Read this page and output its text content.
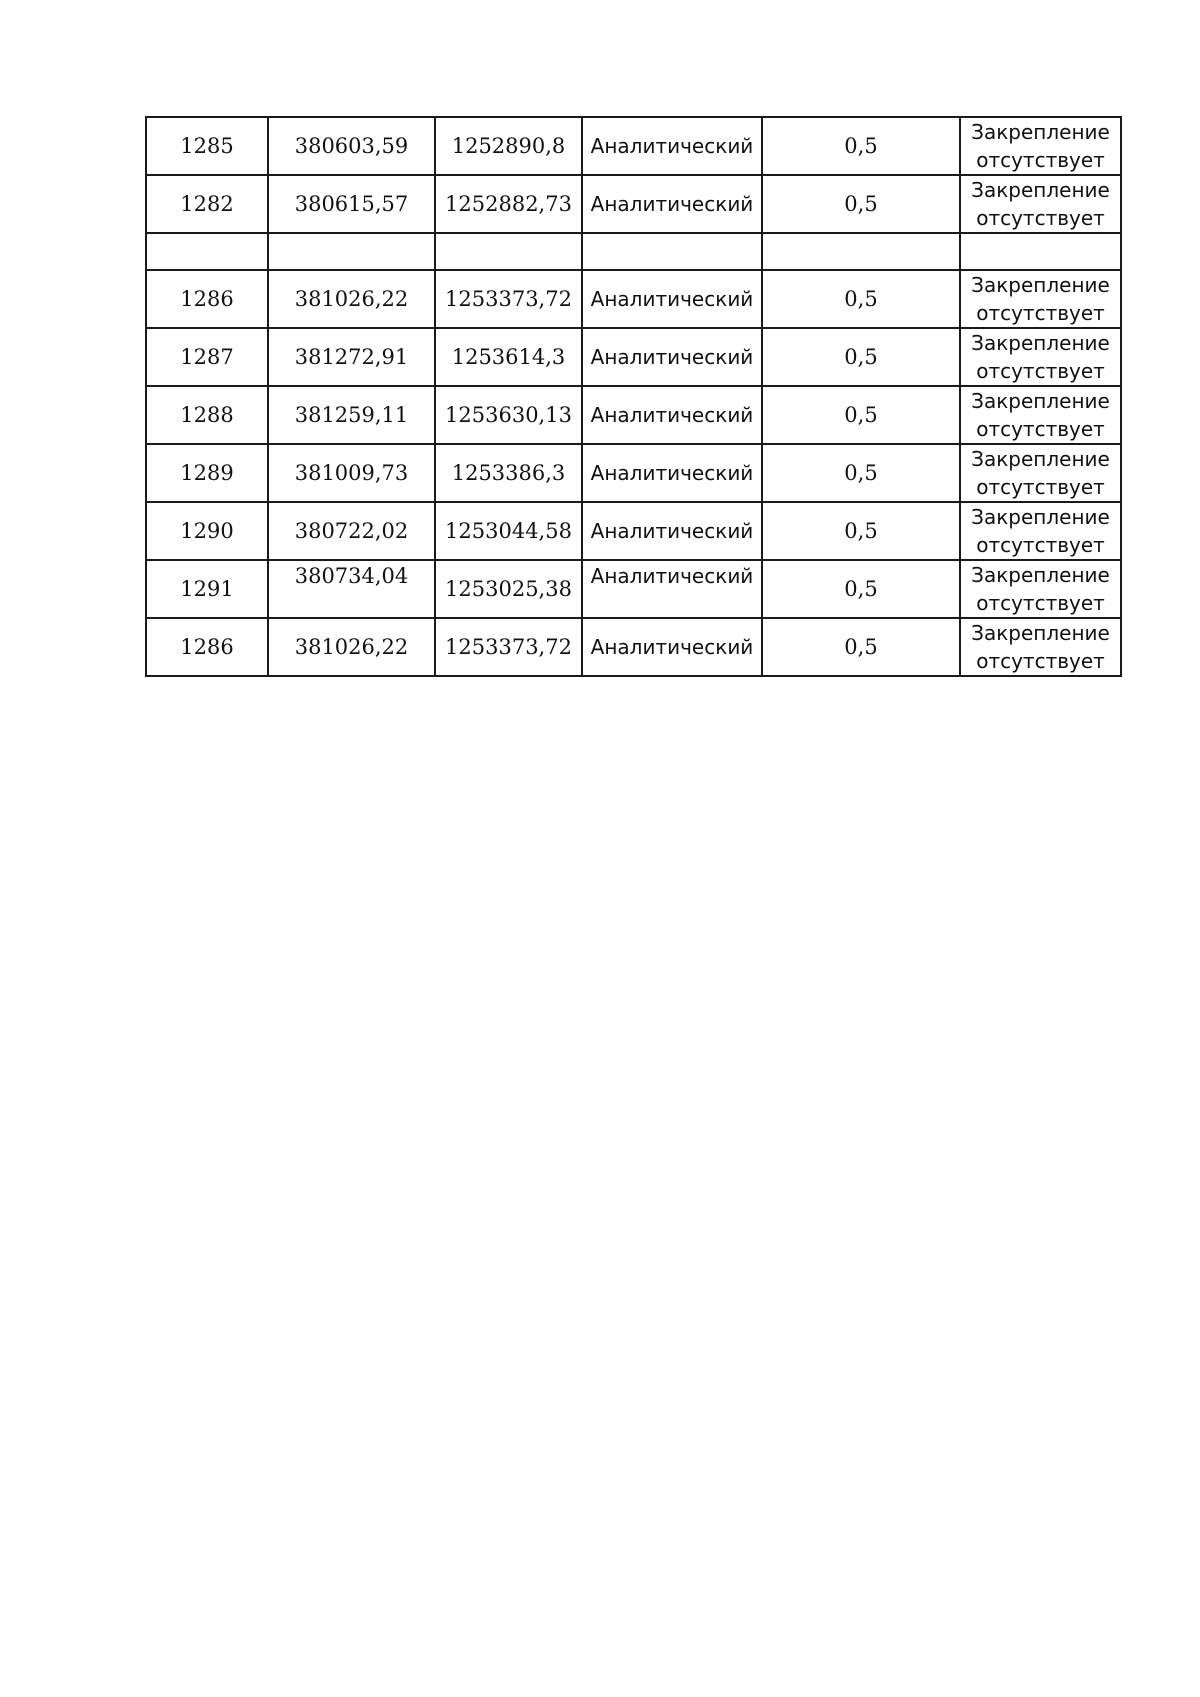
1285	380603,59	1252890,8	Аналитический	0,5	Закрепление
отсутствует

1282	380615,57	1252882,73	Аналитический	0,5	Закрепление
отсутствует

1286	381026,22	1253373,72	Аналитический	0,5	Закрепление
отсутствует

1287	381272,91	1253614,3	Аналитический	0,5	Закрепление
отсутствует

1288	381259,11	1253630,13	Аналитический	0,5	Закрепление
отсутствует

1289	381009,73	1253386,3	Аналитический	0,5	Закрепление
отсутствует

1290	380722,02	1253044,58	Аналитический	0,5	Закрепление
отсутствует

1291	380734,04	1253025,38	Аналитический	0,5	Закрепление
отсутствует

1286	381026,22	1253373,72	Аналитический	0,5	Закрепление
отсутствует
